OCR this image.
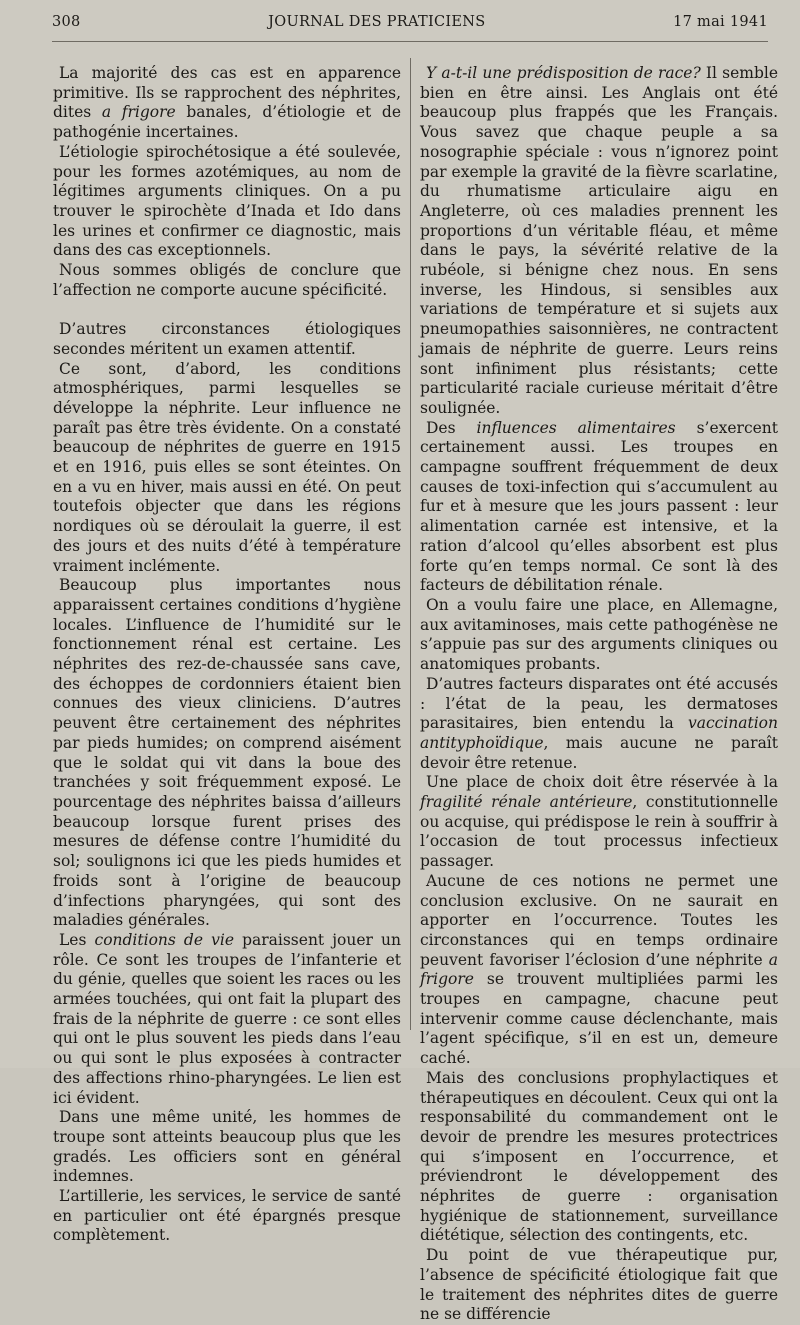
308	JOURNAL DES PRATICIENS	17 mai 1941

La majorité des cas est en apparence primitive. Ils se rapprochent des néphrites, dites a frigore banales, d’étiologie et de pathogénie incertaines.

L’étiologie spirochétosique a été soulevée, pour les formes azotémiques, au nom de légitimes arguments cliniques. On a pu trouver le spirochète d’Inada et Ido dans les urines et confirmer ce diagnostic, mais dans des cas exceptionnels.

Nous sommes obligés de conclure que l’affection ne comporte aucune spécificité.

D’autres circonstances étiologiques secondes méritent un examen attentif.

Ce sont, d’abord, les conditions atmosphériques, parmi lesquelles se développe la néphrite. Leur influence ne paraît pas être très évidente. On a constaté beaucoup de néphrites de guerre en 1915 et en 1916, puis elles se sont éteintes. On en a vu en hiver, mais aussi en été. On peut toutefois objecter que dans les régions nordiques où se déroulait la guerre, il est des jours et des nuits d’été à température vraiment inclémente.

Beaucoup plus importantes nous apparaissent certaines conditions d’hygiène locales. L’influence de l’humidité sur le fonctionnement rénal est certaine. Les néphrites des rez-de-chaussée sans cave, des échoppes de cordonniers étaient bien connues des vieux cliniciens. D’autres peuvent être certainement des néphrites par pieds humides; on comprend aisément que le soldat qui vit dans la boue des tranchées y soit fréquemment exposé. Le pourcentage des néphrites baissa d’ailleurs beaucoup lorsque furent prises des mesures de défense contre l’humidité du sol; soulignons ici que les pieds humides et froids sont à l’origine de beaucoup d’infections pharyngées, qui sont des maladies générales.

Les conditions de vie paraissent jouer un rôle. Ce sont les troupes de l’infanterie et du génie, quelles que soient les races ou les armées touchées, qui ont fait la plupart des frais de la néphrite de guerre : ce sont elles qui ont le plus souvent les pieds dans l’eau ou qui sont le plus exposées à contracter des affections rhino-pharyngées. Le lien est ici évident.

Dans une même unité, les hommes de troupe sont atteints beaucoup plus que les gradés. Les officiers sont en général indemnes.

L’artillerie, les services, le service de santé en particulier ont été épargnés presque complètement.

Y a-t-il une prédisposition de race? Il semble bien en être ainsi. Les Anglais ont été beaucoup plus frappés que les Français. Vous savez que chaque peuple a sa nosographie spéciale : vous n’ignorez point par exemple la gravité de la fièvre scarlatine, du rhumatisme articulaire aigu en Angleterre, où ces maladies prennent les proportions d’un véritable fléau, et même dans le pays, la sévérité relative de la rubéole, si bénigne chez nous. En sens inverse, les Hindous, si sensibles aux variations de température et si sujets aux pneumopathies saisonnières, ne contractent jamais de néphrite de guerre. Leurs reins sont infiniment plus résistants; cette particularité raciale curieuse méritait d’être soulignée.

Des influences alimentaires s’exercent certainement aussi. Les troupes en campagne souffrent fréquemment de deux causes de toxi-infection qui s’accumulent au fur et à mesure que les jours passent : leur alimentation carnée est intensive, et la ration d’alcool qu’elles absorbent est plus forte qu’en temps normal. Ce sont là des facteurs de débilitation rénale.

On a voulu faire une place, en Allemagne, aux avitaminoses, mais cette pathogénèse ne s’appuie pas sur des arguments cliniques ou anatomiques probants.

D’autres facteurs disparates ont été accusés : l’état de la peau, les dermatoses parasitaires, bien entendu la vaccination antityphoïdique, mais aucune ne paraît devoir être retenue.

Une place de choix doit être réservée à la fragilité rénale antérieure, constitutionnelle ou acquise, qui prédispose le rein à souffrir à l’occasion de tout processus infectieux passager.

Aucune de ces notions ne permet une conclusion exclusive. On ne saurait en apporter en l’occurrence. Toutes les circonstances qui en temps ordinaire peuvent favoriser l’éclosion d’une néphrite a frigore se trouvent multipliées parmi les troupes en campagne, chacune peut intervenir comme cause déclenchante, mais l’agent spécifique, s’il en est un, demeure caché.

Mais des conclusions prophylactiques et thérapeutiques en découlent. Ceux qui ont la responsabilité du commandement ont le devoir de prendre les mesures protectrices qui s’imposent en l’occurrence, et préviendront le développement des néphrites de guerre : organisation hygiénique de stationnement, surveillance diététique, sélection des contingents, etc.

Du point de vue thérapeutique pur, l’absence de spécificité étiologique fait que le traitement des néphrites dites de guerre ne se différencie
